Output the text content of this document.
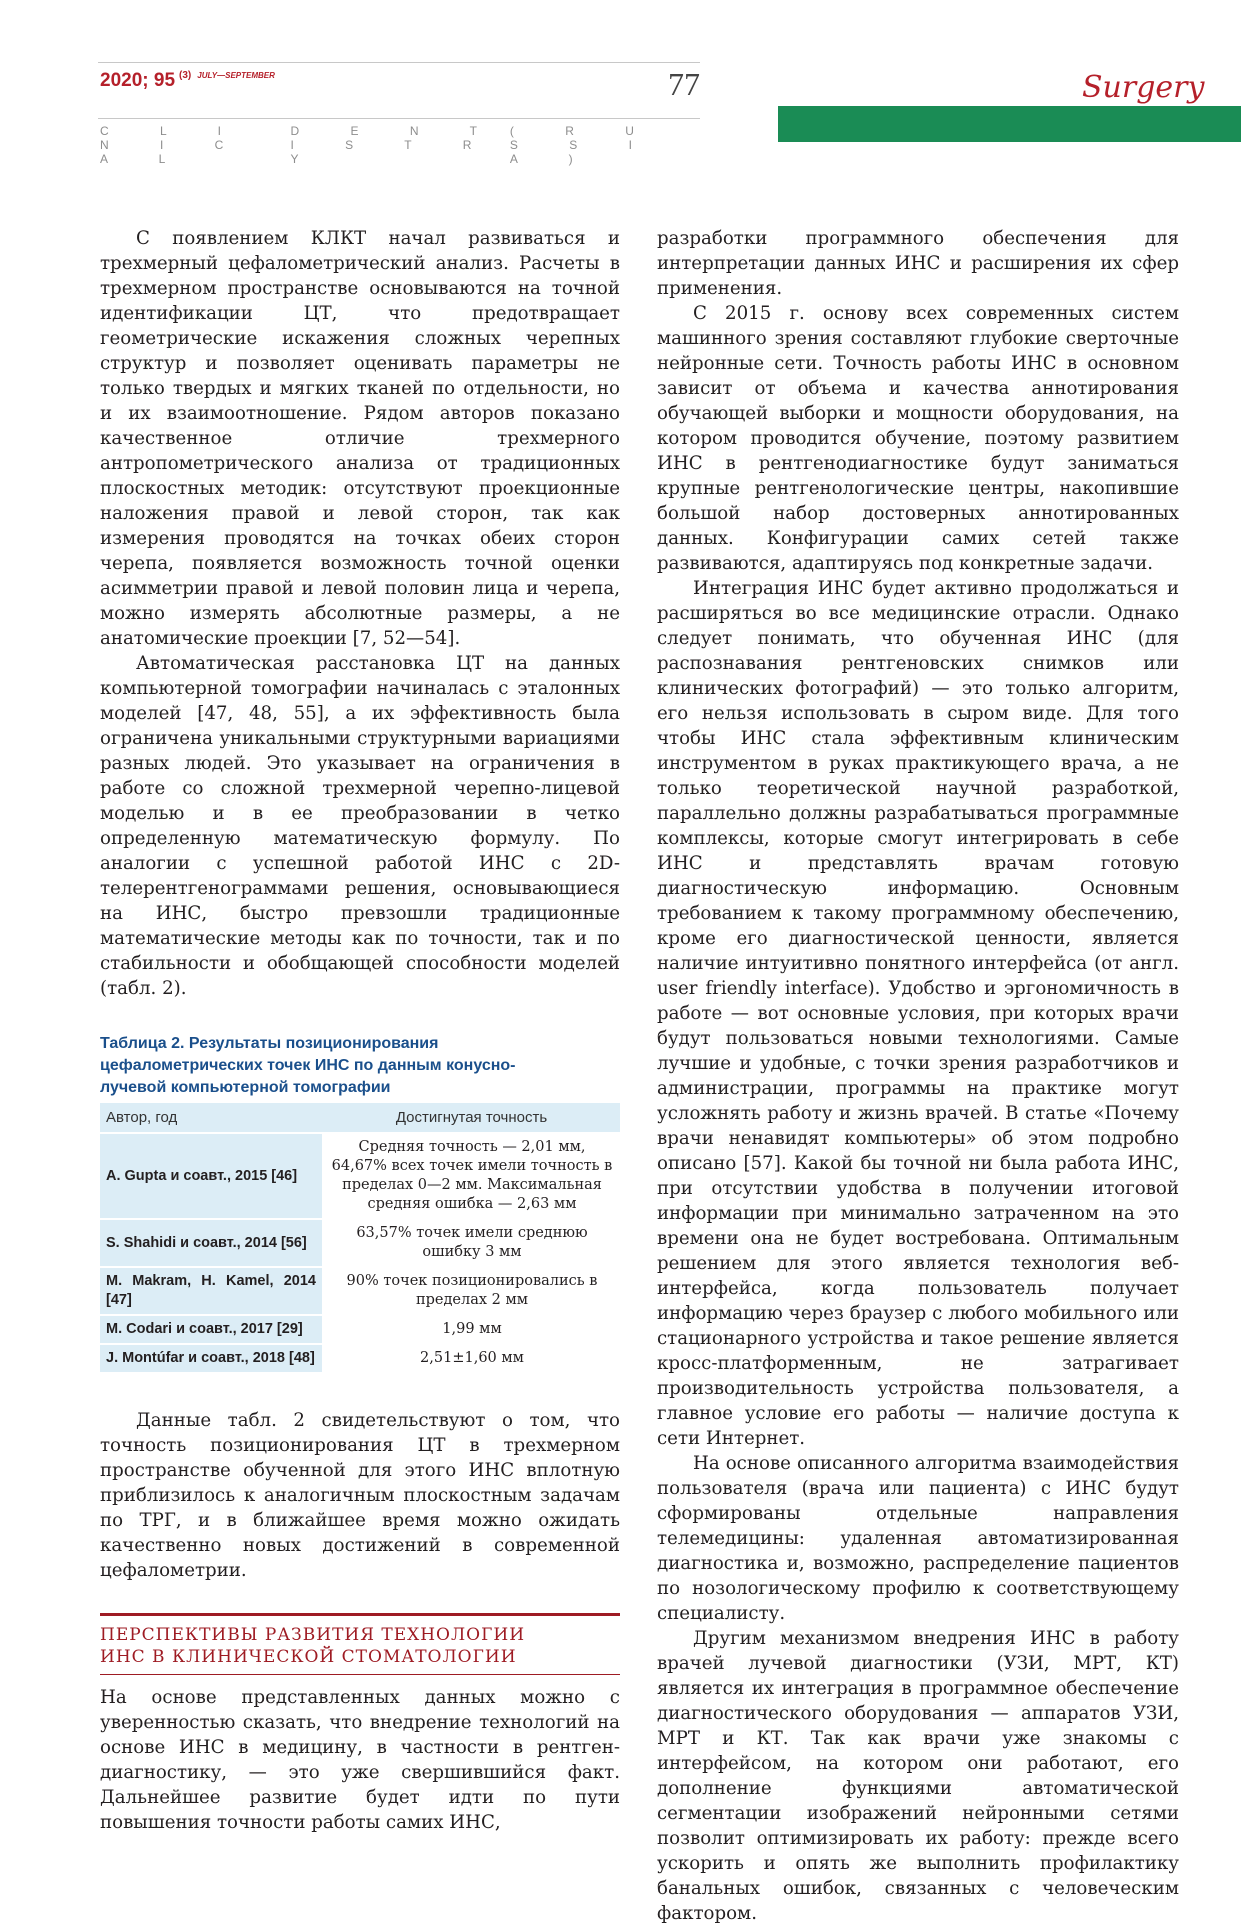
2020; 95 $^{(3)}$ $^{JULY—SEPTEMBER}$	77
C L I N I C A L
D E N T I S T R Y
( R U S S I A )
Surgery

С появлением КЛКТ начал развиваться и трехмерный цефалометрический анализ. Расчеты в трехмерном пространстве основываются на точной идентификации ЦТ, что предотвращает геометрические искажения сложных черепных структур и позволяет оценивать параметры не только твердых и мягких тканей по отдельности, но и их взаимоотношение. Рядом авторов показано качественное отличие трехмерного антропометрического анализа от традиционных плоскостных методик: отсутствуют проекционные наложения правой и левой сторон, так как измерения проводятся на точках обеих сторон черепа, появляется возможность точной оценки асимметрии правой и левой половин лица и черепа, можно измерять абсолютные размеры, а не анатомические проекции [7, 52—54].

Автоматическая расстановка ЦТ на данных компьютерной томографии начиналась с эталонных моделей [47, 48, 55], а их эффективность была ограничена уникальными структурными вариациями разных людей. Это указывает на ограничения в работе со сложной трехмерной черепно-лицевой моделью и в ее преобразовании в четко определенную математическую формулу. По аналогии с успешной работой ИНС с 2D-телерентгенограммами решения, основывающиеся на ИНС, быстро превзошли традиционные математические методы как по точности, так и по стабильности и обобщающей способности моделей (табл. 2).

Таблица 2. Результаты позиционирования цефалометрических точек ИНС по данным конусно-лучевой компьютерной томографии
Автор, год	Достигнутая точность
A. Gupta и соавт., 2015 [46]	Средняя точность — 2,01 мм, 64,67% всех точек имели точность в пределах 0—2 мм. Максимальная средняя ошибка — 2,63 мм
S. Shahidi и соавт., 2014 [56]	63,57% точек имели среднюю ошибку 3 мм
M. Makram, H. Kamel, 2014 [47]	90% точек позиционировались в пределах 2 мм
M. Codari и соавт., 2017 [29]	1,99 мм
J. Montúfar и соавт., 2018 [48]	2,51±1,60 мм

Данные табл. 2 свидетельствуют о том, что точность позиционирования ЦТ в трехмерном пространстве обученной для этого ИНС вплотную приблизилось к аналогичным плоскостным задачам по ТРГ, и в ближайшее время можно ожидать качественно новых достижений в современной цефалометрии.

ПЕРСПЕКТИВЫ РАЗВИТИЯ ТЕХНОЛОГИИ
ИНС В КЛИНИЧЕСКОЙ СТОМАТОЛОГИИ

На основе представленных данных можно с уверенностью сказать, что внедрение технологий на основе ИНС в медицину, в частности в рентген-диагностику, — это уже свершившийся факт. Дальнейшее развитие будет идти по пути повышения точности работы самих ИНС,

разработки программного обеспечения для интерпретации данных ИНС и расширения их сфер применения.

С 2015 г. основу всех современных систем машинного зрения составляют глубокие сверточные нейронные сети. Точность работы ИНС в основном зависит от объема и качества аннотирования обучающей выборки и мощности оборудования, на котором проводится обучение, поэтому развитием ИНС в рентгенодиагностике будут заниматься крупные рентгенологические центры, накопившие большой набор достоверных аннотированных данных. Конфигурации самих сетей также развиваются, адаптируясь под конкретные задачи.

Интеграция ИНС будет активно продолжаться и расширяться во все медицинские отрасли. Однако следует понимать, что обученная ИНС (для распознавания рентгеновских снимков или клинических фотографий) — это только алгоритм, его нельзя использовать в сыром виде. Для того чтобы ИНС стала эффективным клиническим инструментом в руках практикующего врача, а не только теоретической научной разработкой, параллельно должны разрабатываться программные комплексы, которые смогут интегрировать в себе ИНС и представлять врачам готовую диагностическую информацию. Основным требованием к такому программному обеспечению, кроме его диагностической ценности, является наличие интуитивно понятного интерфейса (от англ. user friendly interface). Удобство и эргономичность в работе — вот основные условия, при которых врачи будут пользоваться новыми технологиями. Самые лучшие и удобные, с точки зрения разработчиков и администрации, программы на практике могут усложнять работу и жизнь врачей. В статье «Почему врачи ненавидят компьютеры» об этом подробно описано [57]. Какой бы точной ни была работа ИНС, при отсутствии удобства в получении итоговой информации при минимально затраченном на это времени она не будет востребована. Оптимальным решением для этого является технология веб-интерфейса, когда пользователь получает информацию через браузер с любого мобильного или стационарного устройства и такое решение является кросс-платформенным, не затрагивает производительность устройства пользователя, а главное условие его работы — наличие доступа к сети Интернет.

На основе описанного алгоритма взаимодействия пользователя (врача или пациента) с ИНС будут сформированы отдельные направления телемедицины: удаленная автоматизированная диагностика и, возможно, распределение пациентов по нозологическому профилю к соответствующему специалисту.

Другим механизмом внедрения ИНС в работу врачей лучевой диагностики (УЗИ, МРТ, КТ) является их интеграция в программное обеспечение диагностического оборудования — аппаратов УЗИ, МРТ и КТ. Так как врачи уже знакомы с интерфейсом, на котором они работают, его дополнение функциями автоматической сегментации изображений нейронными сетями позволит оптимизировать их работу: прежде всего ускорить и опять же выполнить профилактику банальных ошибок, связанных с человеческим фактором.
